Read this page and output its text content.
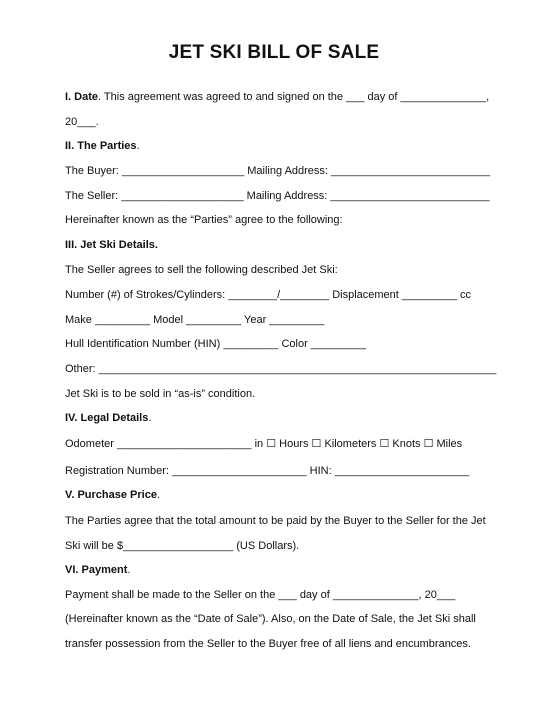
JET SKI BILL OF SALE
I. Date. This agreement was agreed to and signed on the ___ day of ______________,
20___.
II. The Parties.
The Buyer: ____________________ Mailing Address: __________________________
The Seller: ____________________ Mailing Address: __________________________
Hereinafter known as the “Parties” agree to the following:
III. Jet Ski Details.
The Seller agrees to sell the following described Jet Ski:
Number (#) of Strokes/Cylinders: ________/________ Displacement _________ cc
Make _________ Model _________ Year _________
Hull Identification Number (HIN) _________ Color _________
Other: _________________________________________________________________
Jet Ski is to be sold in “as-is” condition.
IV. Legal Details.
Odometer ______________________ in ☐ Hours ☐ Kilometers ☐ Knots ☐ Miles
Registration Number: ______________________ HIN: ______________________
V. Purchase Price.
The Parties agree that the total amount to be paid by the Buyer to the Seller for the Jet
Ski will be $__________________ (US Dollars).
VI. Payment.
Payment shall be made to the Seller on the ___ day of ______________, 20___
(Hereinafter known as the “Date of Sale”). Also, on the Date of Sale, the Jet Ski shall
transfer possession from the Seller to the Buyer free of all liens and encumbrances.
